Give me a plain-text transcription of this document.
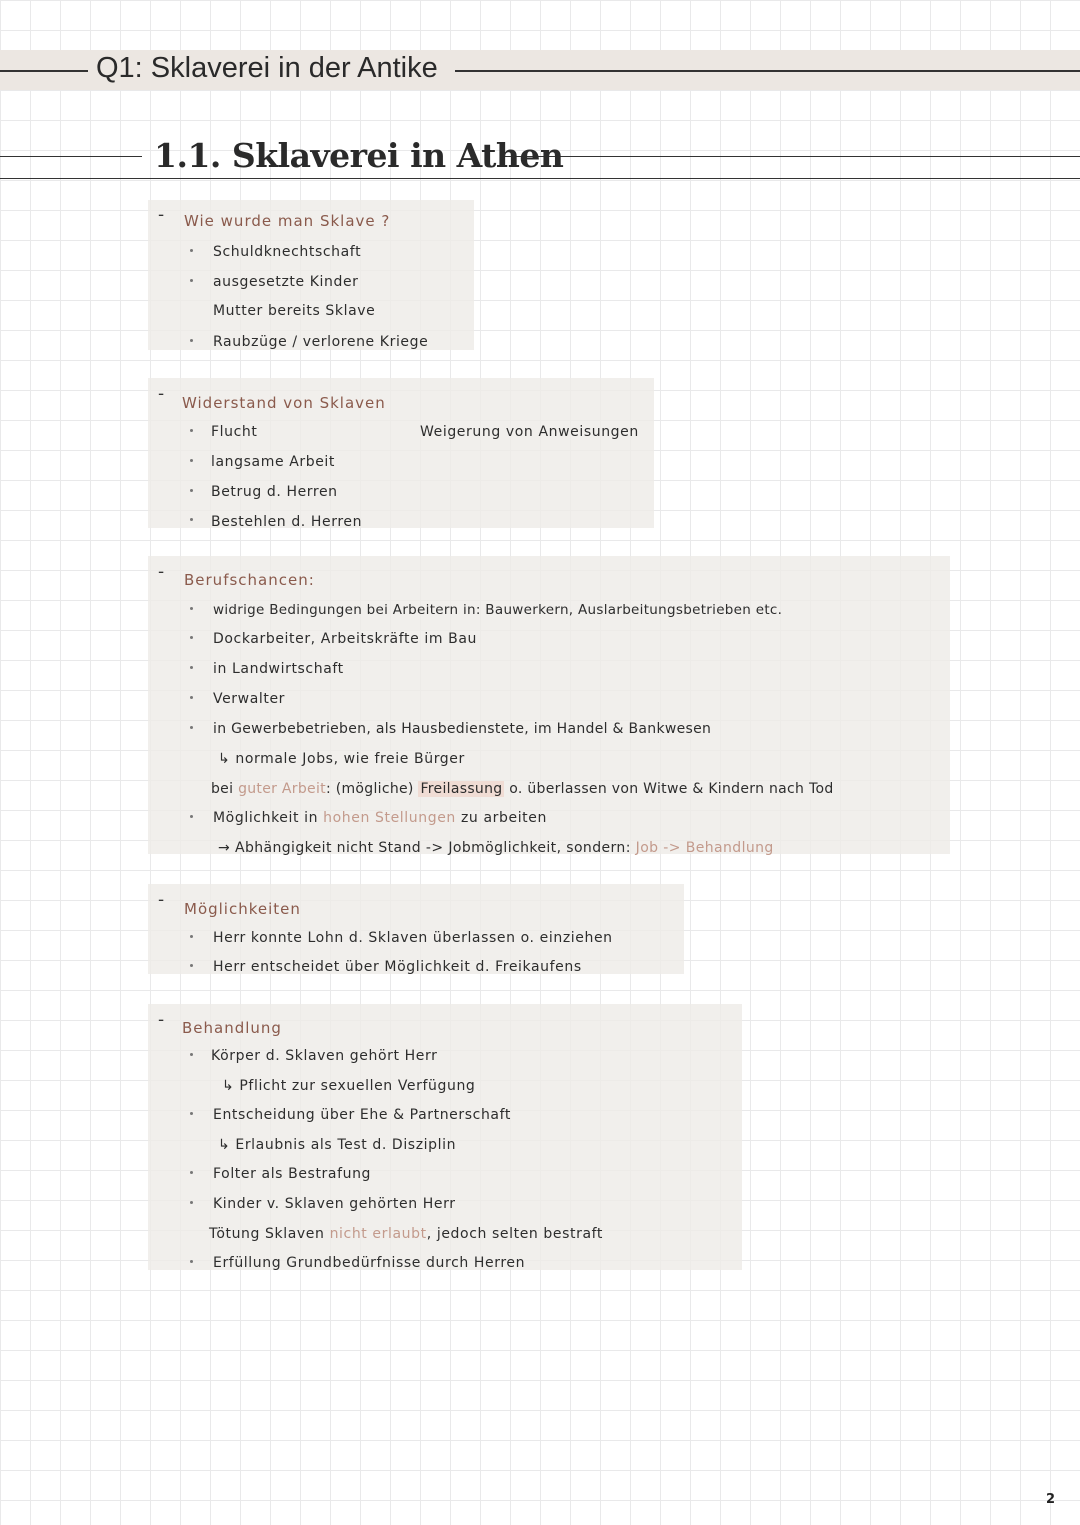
Q1: Sklaverei in der Antike
1.1. Sklaverei in Athen
- Wie wurde man Sklave ?
Schuldknechtschaft
ausgesetzte Kinder
Mutter bereits Sklave
Raubzüge / verlorene Kriege
- Widerstand von Sklaven
Flucht	Weigerung von Anweisungen
langsame Arbeit
Betrug d. Herren
Bestehlen d. Herren
- Berufschancen:
widrige Bedingungen bei Arbeitern in: Bauwerkern, Auslarbeitungsbetrieben etc.
Dockarbeiter, Arbeitskräfte im Bau
in Landwirtschaft
Verwalter
in Gewerbebetrieben, als Hausbedienstete, im Handel & Bankwesen
↳ normale Jobs, wie freie Bürger
bei guter Arbeit: (mögliche) Freilassung o. überlassen von Witwe & Kindern nach Tod
Möglichkeit in hohen Stellungen zu arbeiten
→ Abhängigkeit nicht Stand -> Jobmöglichkeit, sondern: Job -> Behandlung
- Möglichkeiten
Herr konnte Lohn d. Sklaven überlassen o. einziehen
Herr entscheidet über Möglichkeit d. Freikaufens
- Behandlung
Körper d. Sklaven gehört Herr
↳ Pflicht zur sexuellen Verfügung
Entscheidung über Ehe & Partnerschaft
↳ Erlaubnis als Test d. Disziplin
Folter als Bestrafung
Kinder v. Sklaven gehörten Herr
Tötung Sklaven nicht erlaubt, jedoch selten bestraft
Erfüllung Grundbedürfnisse durch Herren
2
